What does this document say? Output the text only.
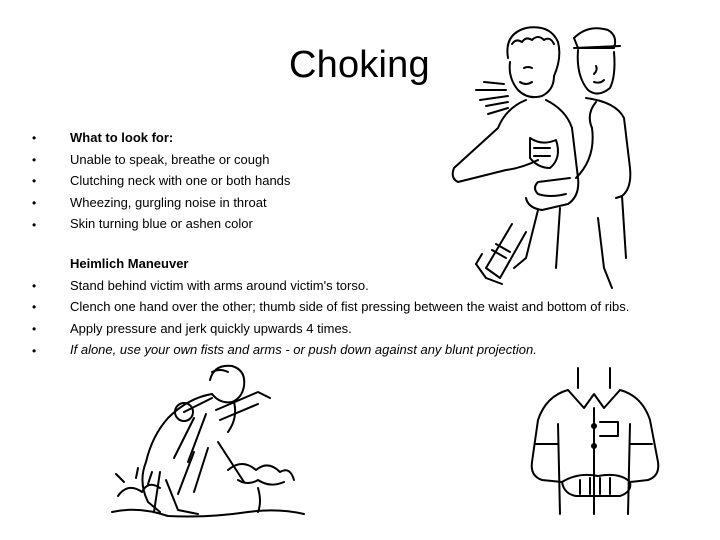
Choking
•
•
•
•
•
•
•
•
•
What to look for:
Unable to speak, breathe or cough
Clutching neck with one or both hands
Wheezing, gurgling noise in throat
Skin turning blue or ashen color
Heimlich Maneuver
Stand behind victim with arms around victim's torso.
Clench one hand over the other; thumb side of fist pressing between the waist and bottom of ribs.
Apply pressure and jerk quickly upwards 4 times.
If alone, use your own fists and arms - or push down against any blunt projection.
